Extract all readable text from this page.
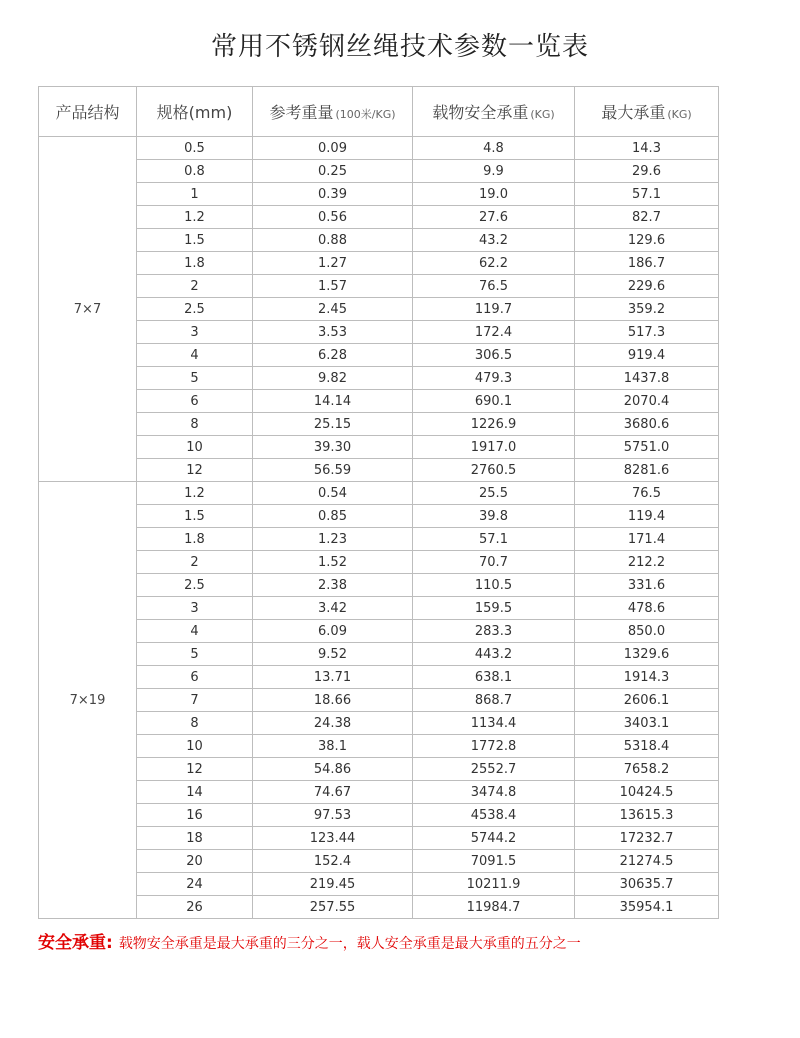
常用不锈钢丝绳技术参数一览表
产品结构	规格(mm)	参考重量 (100米/KG)	载物安全承重 (KG)	最大承重 (KG)
7×7	0.5	0.09	4.8	14.3
	0.8	0.25	9.9	29.6
	1	0.39	19.0	57.1
	1.2	0.56	27.6	82.7
	1.5	0.88	43.2	129.6
	1.8	1.27	62.2	186.7
	2	1.57	76.5	229.6
	2.5	2.45	119.7	359.2
	3	3.53	172.4	517.3
	4	6.28	306.5	919.4
	5	9.82	479.3	1437.8
	6	14.14	690.1	2070.4
	8	25.15	1226.9	3680.6
	10	39.30	1917.0	5751.0
	12	56.59	2760.5	8281.6
7×19	1.2	0.54	25.5	76.5
	1.5	0.85	39.8	119.4
	1.8	1.23	57.1	171.4
	2	1.52	70.7	212.2
	2.5	2.38	110.5	331.6
	3	3.42	159.5	478.6
	4	6.09	283.3	850.0
	5	9.52	443.2	1329.6
	6	13.71	638.1	1914.3
	7	18.66	868.7	2606.1
	8	24.38	1134.4	3403.1
	10	38.1	1772.8	5318.4
	12	54.86	2552.7	7658.2
	14	74.67	3474.8	10424.5
	16	97.53	4538.4	13615.3
	18	123.44	5744.2	17232.7
	20	152.4	7091.5	21274.5
	24	219.45	10211.9	30635.7
	26	257.55	11984.7	35954.1
安全承重: 载物安全承重是最大承重的三分之一，载人安全承重是最大承重的五分之一
